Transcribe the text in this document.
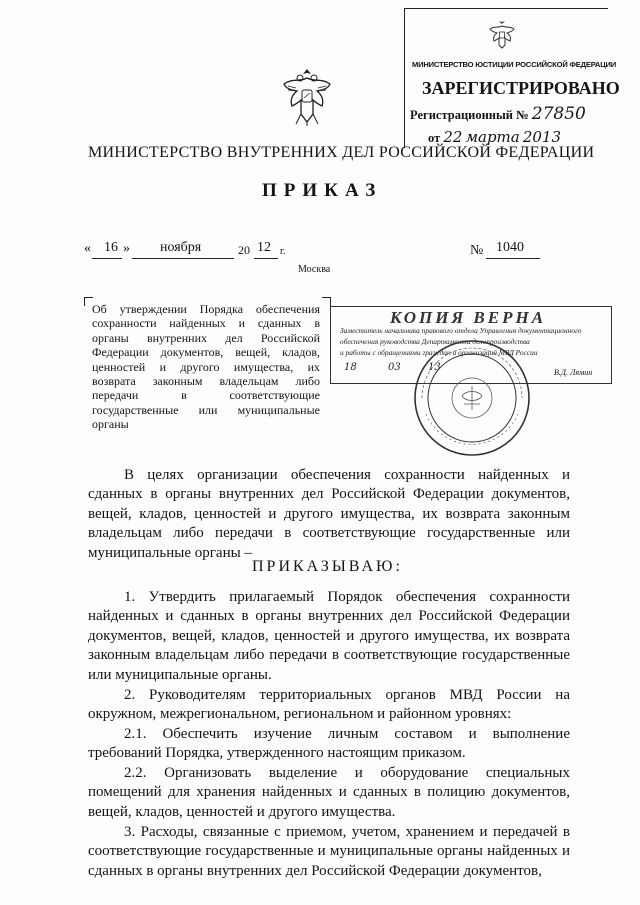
МИНИСТЕРСТВО ЮСТИЦИИ РОССИЙСКОЙ ФЕДЕРАЦИИ
ЗАРЕГИСТРИРОВАНО
Регистрационный № 27850
от 22 марта 2013
МИНИСТЕРСТВО ВНУТРЕННИХ ДЕЛ РОССИЙСКОЙ ФЕДЕРАЦИИ
ПРИКАЗ
« 16 » ноября	20 12 г.	№ 1040
Москва
Об утверждении Порядка обеспечения сохранности найденных и сданных в органы внутренних дел Российской Федерации документов, вещей, кладов, ценностей и другого имущества, их возврата законным владельцам либо передачи в соответствующие государственные или муниципальные органы
КОПИЯ ВЕРНА
Заместитель начальника правового отдела Управления документационного
обеспечения руководства Департамента делопроизводства
и работы с обращениями граждан и организаций МВД России
18	03	13	В.Д. Лямин
В целях организации обеспечения сохранности найденных и сданных в органы внутренних дел Российской Федерации документов, вещей, кладов, ценностей и другого имущества, их возврата законным владельцам либо передачи в соответствующие государственные или муниципальные органы –
ПРИКАЗЫВАЮ:
1. Утвердить прилагаемый Порядок обеспечения сохранности найденных и сданных в органы внутренних дел Российской Федерации документов, вещей, кладов, ценностей и другого имущества, их возврата законным владельцам либо передачи в соответствующие государственные или муниципальные органы.
2. Руководителям территориальных органов МВД России на окружном, межрегиональном, региональном и районном уровнях:
2.1. Обеспечить изучение личным составом и выполнение требований Порядка, утвержденного настоящим приказом.
2.2. Организовать выделение и оборудование специальных помещений для хранения найденных и сданных в полицию документов, вещей, кладов, ценностей и другого имущества.
3. Расходы, связанные с приемом, учетом, хранением и передачей в соответствующие государственные и муниципальные органы найденных и сданных в органы внутренних дел Российской Федерации документов,
